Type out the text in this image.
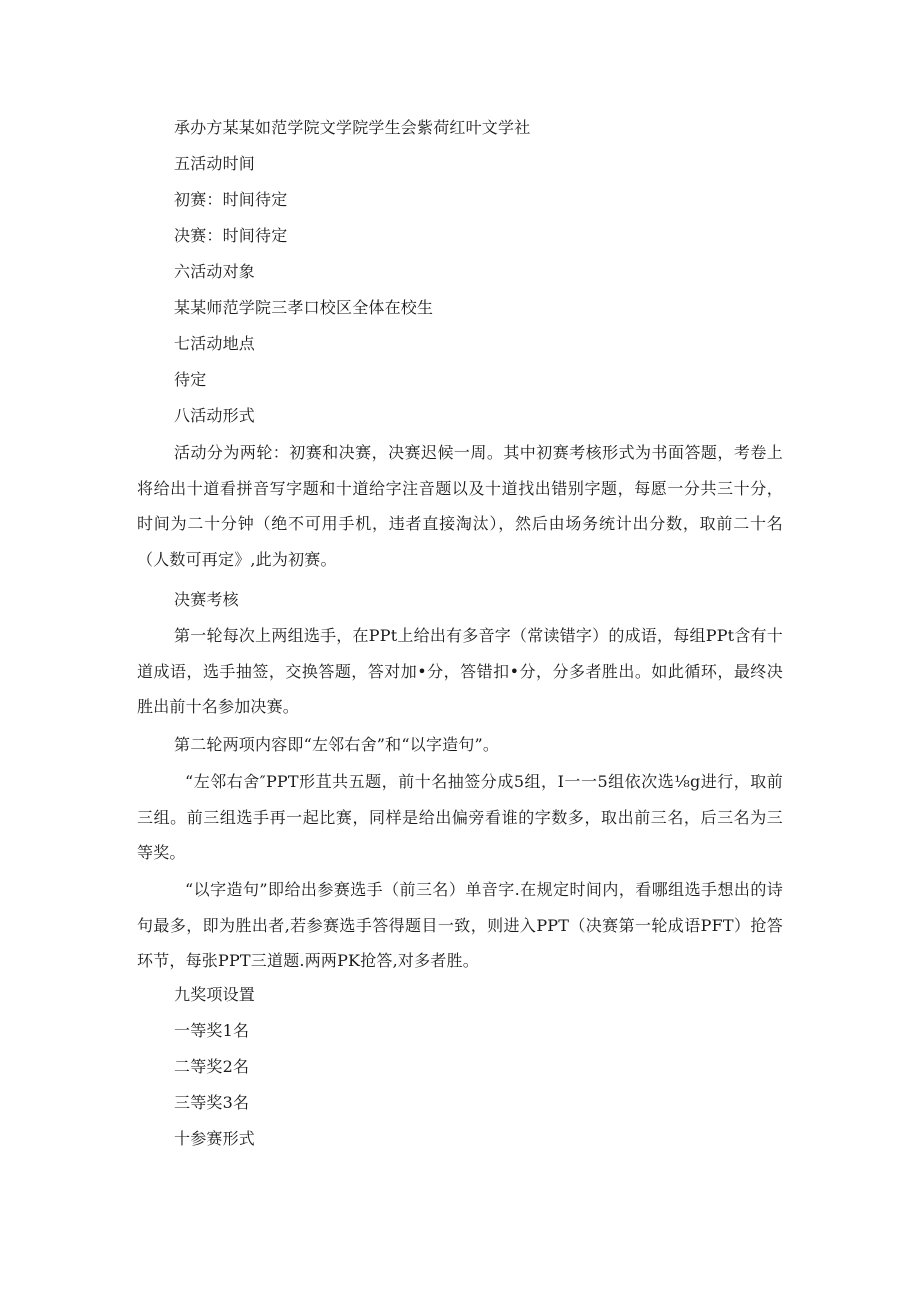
承办方某某如范学院文学院学生会紫荷红叶文学社
五活动时间
初赛：时间待定
决赛：时间待定
六活动对象
某某师范学院三孝口校区全体在校生
七活动地点
待定
八活动形式
活动分为两轮：初赛和决赛，决赛迟候一周。其中初赛考核形式为书面答题，考卷上将给出十道看拼音写字题和十道给字注音题以及十道找出错别字题，每愿一分共三十分，时间为二十分钟（绝不可用手机，违者直接淘汰），然后由场务统计出分数，取前二十名（人数可再定》,此为初赛。
决赛考核
第一轮每次上两组选手，在PPt上给出有多音字（常读错字）的成语，每组PPt含有十道成语，选手抽签，交换答题，答对加•分，答错扣•分，分多者胜出。如此循环，最终决胜出前十名参加决赛。
第二轮两项内容即“左邻右舍”和“以字造句”。
“左邻右舍″PPT形苴共五题，前十名抽签分成5组，I一一5组依次选⅛g进行，取前三组。前三组选手再一起比赛，同样是给出偏旁看谁的字数多，取出前三名，后三名为三等奖。
“以字造句”即给出参赛选手（前三名）单音字.在规定时间内，看哪组选手想出的诗句最多，即为胜出者,若参赛选手答得题目一致，则进入PPT（决赛第一轮成语PFT）抢答环节，每张PPT三道题.两两PK抢答,对多者胜。
九奖项设置
一等奖1名
二等奖2名
三等奖3名
十参赛形式
